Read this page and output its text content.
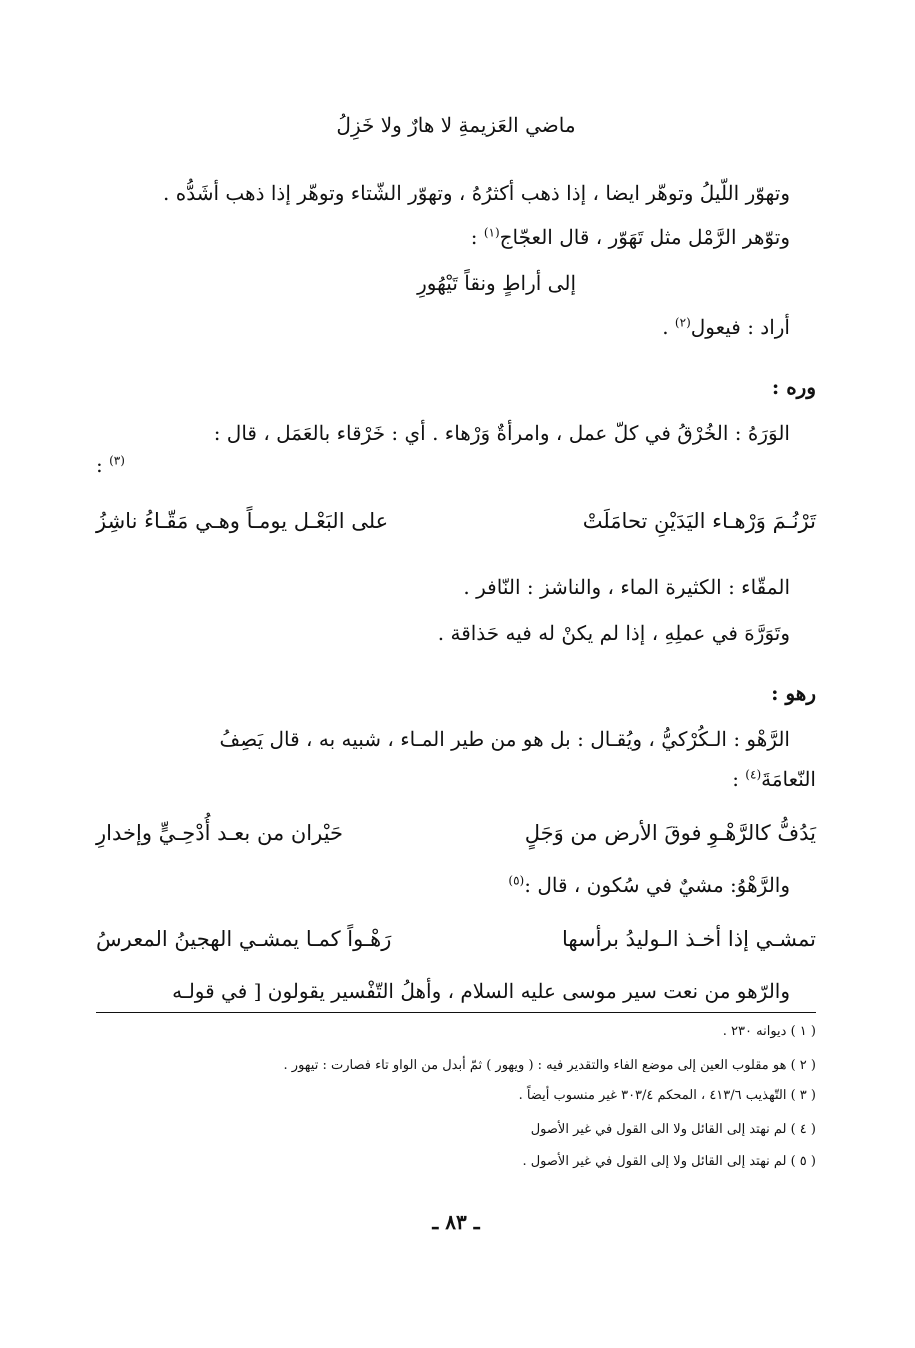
ماضي العَزيمةِ لا هارٌ ولا خَزِلُ
وتهوّر اللّيلُ وتوهّر ايضا ، إذا ذهب أكثرُهُ ، وتهوّر الشّتاء وتوهّر إذا ذهب أشَدُّه .
وتوّهر الرَّمْل مثل تَهَوّر ، قال العجّاج$^{(١)}$ :
إلى أراطٍ ونقاً تَيْهُورِ
أراد : فيعول$^{(٢)}$ .
وره :
الوَرَهُ : الخُرْقُ في كلّ عمل ، وامرأةٌ وَرْهاء . أي : خَرْقاء بالعَمَل ، قال :
$^{(٣)}$ :
تَرْنُـمَ وَرْهـاء اليَدَيْنِ تحامَلَتْ
على البَعْـل يومـاً وهـي مَقّـاءُ ناشِزُ
المقّاء : الكثيرة الماء ، والناشز : النّافر .
وتَوَرَّهَ في عملِهِ ، إذا لم يكنْ له فيه حَذاقة .
رهو :
الرَّهْو : الـكُرْكيُّ ، ويُقـال : بل هو من طير المـاء ، شبيه به ، قال يَصِفُ
النّعامَةَ$^{(٤)}$ :
يَدُفُّ كالرَّهْـوِ فوقَ الأرض من وَجَلٍ
حَيْران من بعـد أُدْحِـيٍّ وإخدارِ
والرَّهْوُ: مشيٌ في سُكون ، قال :$^{(٥)}$
تمشـي إذا أخـذ الـوليدُ برأسها
رَهْـواً كمـا يمشـي الهجينُ المعرسُ
والرّهو من نعت سير موسى عليه السلام ، وأهلُ التّفْسير يقولون [ في قولـه
( ١ ) ديوانه ٢٣٠ .
( ٢ ) هو مقلوب العين إلى موضع الفاء والتقدير فيه : ( ويهور ) ثمّ أبدل من الواو تاء فصارت : تيهور .
( ٣ ) التّهذيب ٤١٣/٦ ، المحكم ٣٠٣/٤ غير منسوب أيضاً .
( ٤ ) لم نهتد إلى القائل ولا الى القول في غير الأصول
( ٥ ) لم نهتد إلى القائل ولا إلى القول في غير الأصول .
ـ ٨٣ ـ
